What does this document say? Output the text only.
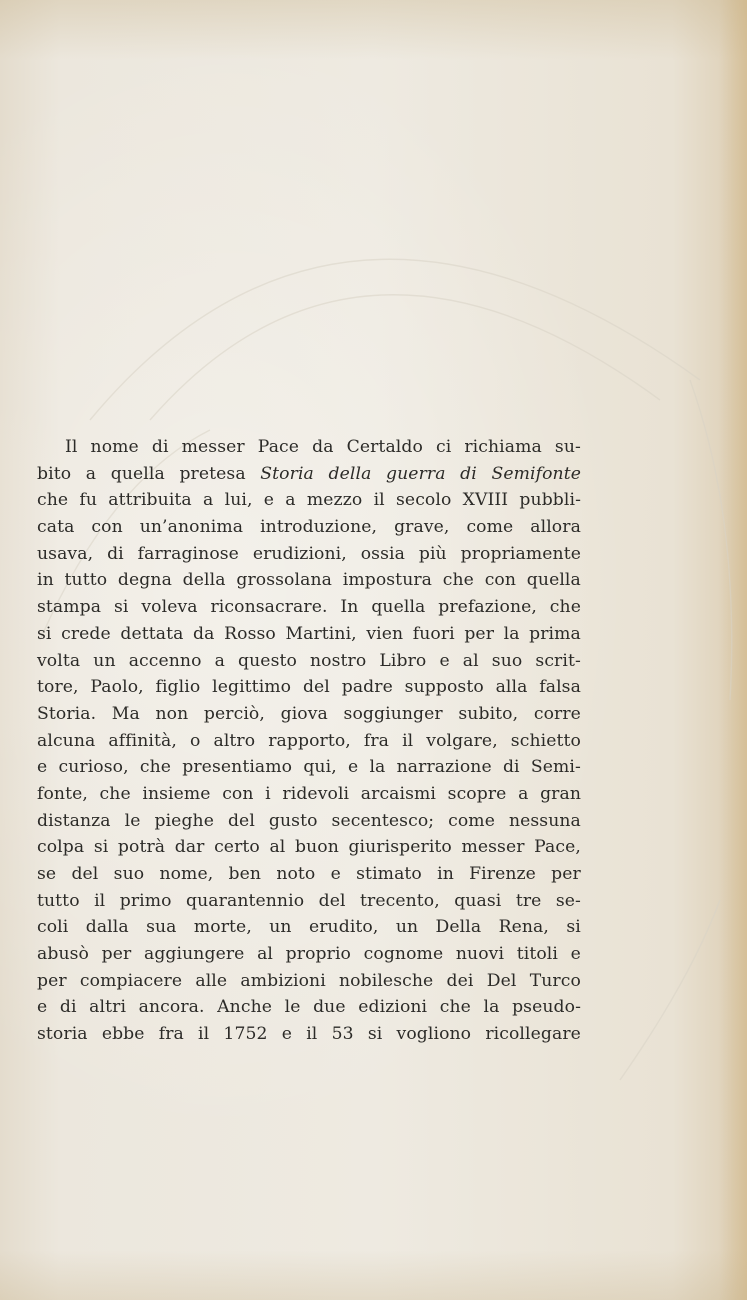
Il nome di messer Pace da Certaldo ci richiama su-
bito a quella pretesa Storia della guerra di Semifonte
che fu attribuita a lui, e a mezzo il secolo XVIII pubbli-
cata con un’anonima introduzione, grave, come allora
usava, di farraginose erudizioni, ossia più propriamente
in tutto degna della grossolana impostura che con quella
stampa si voleva riconsacrare. In quella prefazione, che
si crede dettata da Rosso Martini, vien fuori per la prima
volta un accenno a questo nostro Libro e al suo scrit-
tore, Paolo, figlio legittimo del padre supposto alla falsa
Storia. Ma non perciò, giova soggiunger subito, corre
alcuna affinità, o altro rapporto, fra il volgare, schietto
e curioso, che presentiamo qui, e la narrazione di Semi-
fonte, che insieme con i ridevoli arcaismi scopre a gran
distanza le pieghe del gusto secentesco; come nessuna
colpa si potrà dar certo al buon giurisperito messer Pace,
se del suo nome, ben noto e stimato in Firenze per
tutto il primo quarantennio del trecento, quasi tre se-
coli dalla sua morte, un erudito, un Della Rena, si
abusò per aggiungere al proprio cognome nuovi titoli e
per compiacere alle ambizioni nobilesche dei Del Turco
e di altri ancora. Anche le due edizioni che la pseudo-
storia ebbe fra il 1752 e il 53 si vogliono ricollegare
